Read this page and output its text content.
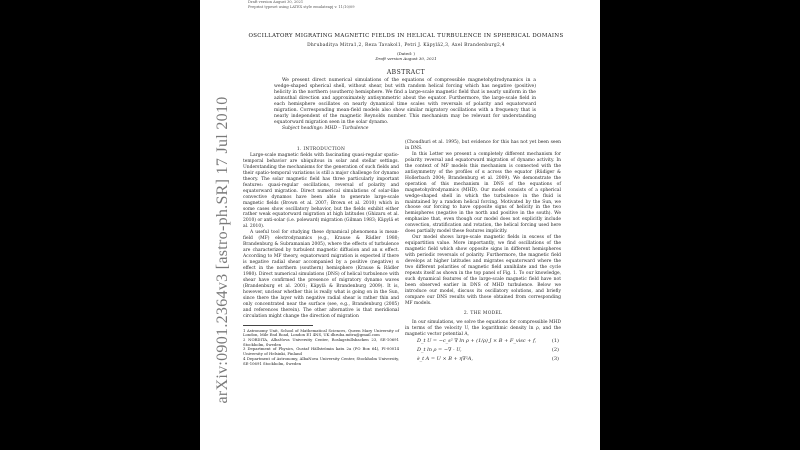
Draft version August 30, 2021
Preprint typeset using LATEX style emulateapj v. 11/10/09
arXiv:0901.2364v3 [astro-ph.SR] 17 Jul 2010
OSCILLATORY MIGRATING MAGNETIC FIELDS IN HELICAL TURBULENCE IN SPHERICAL DOMAINS
Dhrubaditya Mitra1,2, Reza Tavakol1, Petri J. Käpylä2,3, Axel Brandenburg2,4
(Dated: )
Draft version August 30, 2021
ABSTRACT

We present direct numerical simulations of the equations of compressible magnetohydrodynamics in a wedge-shaped spherical shell, without shear, but with random helical forcing which has negative (positive) helicity in the northern (southern) hemisphere. We find a large-scale magnetic field that is nearly uniform in the azimuthal direction and approximately antisymmetric about the equator. Furthermore, the large-scale field in each hemisphere oscillates on nearly dynamical time scales with reversals of polarity and equatorward migration. Corresponding mean-field models also show similar migratory oscillations with a frequency that is nearly independent of the magnetic Reynolds number. This mechanism may be relevant for understanding equatorward migration seen in the solar dynamo.

Subject headings: MHD – Turbulence

1. INTRODUCTION

Large-scale magnetic fields with fascinating quasi-regular spatio-temporal behavior are ubiquitous in solar and stellar settings. Understanding the mechanisms for the generation of such fields and their spatio-temporal variations is still a major challenge for dynamo theory. The solar magnetic field has three particularly important features: quasi-regular oscillations, reversal of polarity and equatorward migration. Direct numerical simulations of solar-like convective dynamos have been able to generate large-scale magnetic fields (Brown et al. 2007; Brown et al. 2010) which in some cases show oscillatory behavior, but the fields exhibit either rather weak equatorward migration at high latitudes (Ghizaru et al. 2010) or anti-solar (i.e. poleward) migration (Gilman 1983; Käpylä et al. 2010).

A useful tool for studying these dynamical phenomena is mean-field (MF) electrodynamics (e.g., Krause & Rädler 1980; Brandenburg & Subramanian 2005), where the effects of turbulence are characterized by turbulent magnetic diffusion and an α effect. According to MF theory, equatorward migration is expected if there is negative radial shear accompanied by a positive (negative) α effect in the northern (southern) hemisphere (Krause & Rädler 1980). Direct numerical simulations (DNS) of helical turbulence with shear have confirmed the presence of migratory dynamo waves (Brandenburg et al. 2001; Käpylä & Brandenburg 2009). It is, however, unclear whether this is really what is going on in the Sun, since there the layer with negative radial shear is rather thin and only concentrated near the surface (see, e.g., Brandenburg (2005) and references therein). The other alternative is that meridional circulation might change the direction of migration

1 Astronomy Unit, School of Mathematical Sciences, Queen Mary University of London, Mile End Road, London E1 4NS, UK dhruba.mitra@gmail.com

2 NORDITA, AlbaNova University Center, Roslagstullsbacken 23, SE-10691 Stockholm, Sweden

3 Department of Physics, Gustaf Hällströmin katu 2a (PO Box 64), FI-00014 University of Helsinki, Finland

4 Department of Astronomy, AlbaNova University Center, Stockholm University, SE-10691 Stockholm, Sweden

(Choudhuri et al. 1995), but evidence for this has not yet been seen in DNS.

In this Letter we present a completely different mechanism for polarity reversal and equatorward migration of dynamo activity. In the context of MF models this mechanism is connected with the antisymmetry of the profiles of α across the equator (Rüdiger & Hollerbach 2004; Brandenburg et al. 2009). We demonstrate the operation of this mechanism in DNS of the equations of magnetohydrodynamics (MHD). Our model consists of a spherical wedge-shaped shell in which the turbulence in the fluid is maintained by a random helical forcing. Motivated by the Sun, we choose our forcing to have opposite signs of helicity in the two hemispheres (negative in the north and positive in the south). We emphasize that, even though our model does not explicitly include convection, stratification and rotation, the helical forcing used here does partially model these features implicitly.

Our model shows large-scale magnetic fields in excess of the equipartition value. More importantly, we find oscillations of the magnetic field which show opposite signs in different hemispheres with periodic reversals of polarity. Furthermore, the magnetic field develops at higher latitudes and migrates equatorward where the two different polarities of magnetic field annihilate and the cycle repeats itself as shown in the top panel of Fig. 1. To our knowledge, such dynamical features of the large-scale magnetic field have not been observed earlier in DNS of MHD turbulence. Below we introduce our model, discuss its oscillatory solutions, and briefly compare our DNS results with those obtained from corresponding MF models.

2. THE MODEL

In our simulations, we solve the equations for compressible MHD in terms of the velocity U, the logarithmic density ln ρ, and the magnetic vector potential A,

D_t U = −c_s² ∇ ln ρ + (1/ρ) J × B + F_visc + f,	(1)
D_t ln ρ = −∇ · U,	(2)
∂_t A = U × B + η∇²A,	(3)
